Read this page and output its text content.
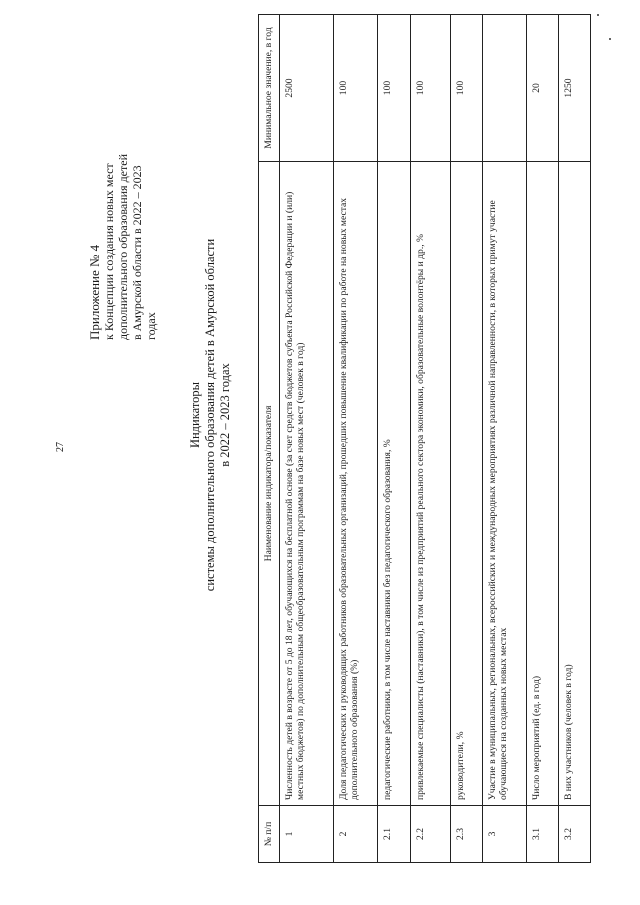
27
Приложение № 4 к Концепции создания новых мест дополнительного образования детей в Амурской области в 2022 – 2023 годах
Индикаторы системы дополнительного образования детей в Амурской области в 2022 – 2023 годах
№ п/п	Наименование индикатора/показателя	Минимальное значение, в год
1	Численность детей в возрасте от 5 до 18 лет, обучающихся на бесплатной основе (за счет средств бюджетов субъекта Российской Федерации и (или) местных бюджетов) по дополнительным общеобразовательным программам на базе новых мест (человек в год)	2500
2	Доля педагогических и руководящих работников образовательных организаций, прошедших повышение квалификации по работе на новых местах дополнительного образования (%)	100
2.1	педагогические работники, в том числе наставники без педагогического образования, %	100
2.2	привлекаемые специалисты (наставники), в том числе из предприятий реального сектора экономики, образовательные волонтёры и др., %	100
2.3	руководители, %	100
3	Участие в муниципальных, региональных, всероссийских и международных мероприятиях различной направленности, в которых примут участие обучающиеся на созданных новых местах	
3.1	Число мероприятий (ед. в год)	20
3.2	В них участников (человек в год)	1250
